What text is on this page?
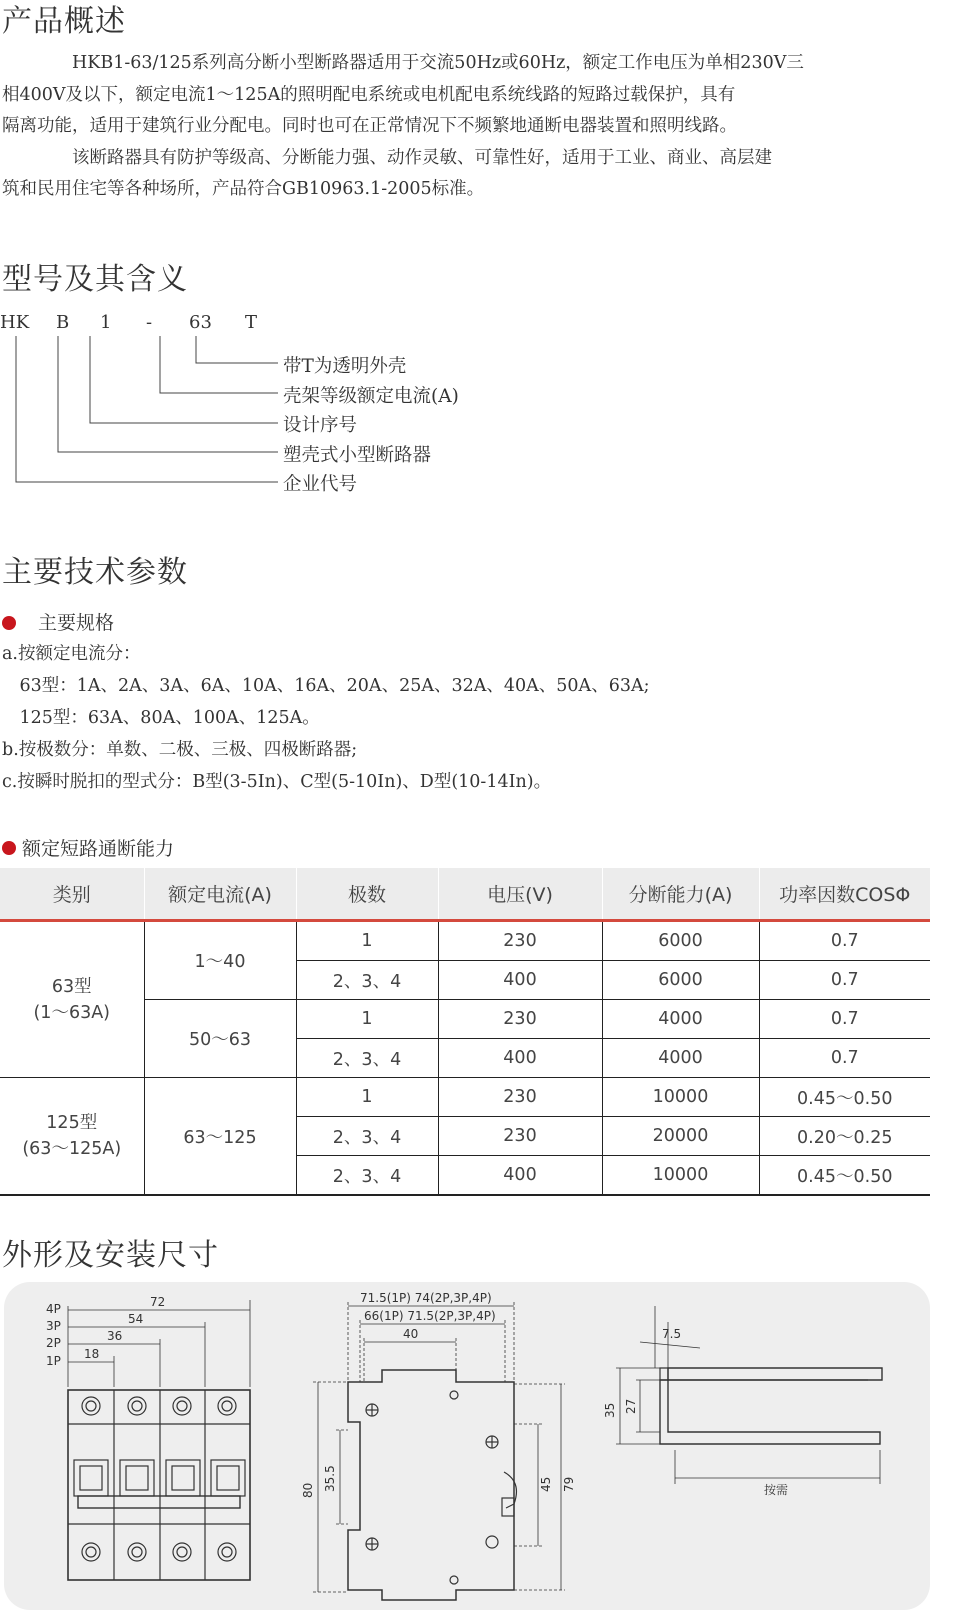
产品概述

　　　　HKB1-63/125系列高分断小型断路器适用于交流50Hz或60Hz，额定工作电压为单相230V三
相400V及以下，额定电流1～125A的照明配电系统或电机配电系统线路的短路过载保护，具有
隔离功能，适用于建筑行业分配电。同时也可在正常情况下不频繁地通断电器装置和照明线路。
　　　　该断路器具有防护等级高、分断能力强、动作灵敏、可靠性好，适用于工业、商业、高层建
筑和民用住宅等各种场所，产品符合GB10963.1-2005标准。

型号及其含义
HK B 1 - 63 T
带T为透明外壳
壳架等级额定电流(A)
设计序号
塑壳式小型断路器
企业代号
主要技术参数
主要规格
a.按额定电流分：
　63型：1A、2A、3A、6A、10A、16A、20A、25A、32A、40A、50A、63A;
　125型：63A、80A、100A、125A。
b.按极数分：单数、二极、三极、四极断路器;
c.按瞬时脱扣的型式分：B型(3-5In)、C型(5-10In)、D型(10-14In)。
额定短路通断能力
类别	额定电流(A)	极数	电压(V)	分断能力(A)	功率因数COSΦ
63型
(1～63A)	1～40	1	230	6000	0.7
		2、3、4	400	6000	0.7
	50～63	1	230	4000	0.7
		2、3、4	400	4000	0.7
125型
(63～125A)	63～125	1	230	10000	0.45～0.50
		2、3、4	230	20000	0.20～0.25
		2、3、4	400	10000	0.45～0.50
外形及安装尺寸
72
54
36
18
4P
3P
2P
1P
71.5(1P) 74(2P,3P,4P)
66(1P) 71.5(2P,3P,4P)
40
80 35.5	45 79
7.5
35 27
按需
